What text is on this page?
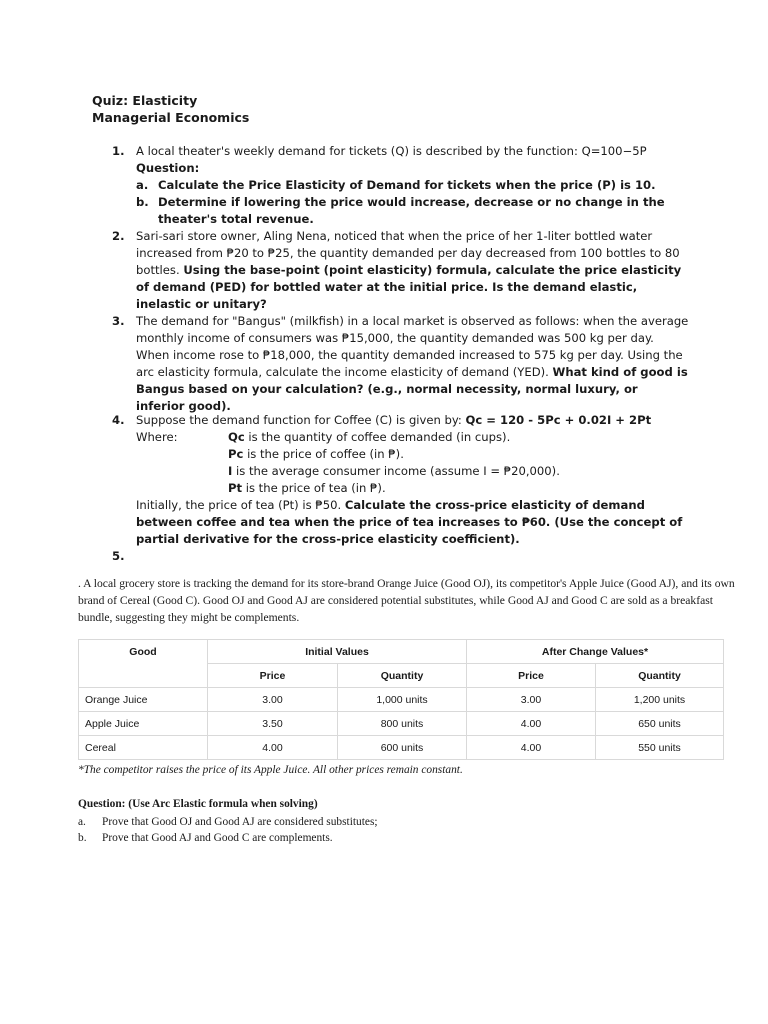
Quiz: Elasticity
Managerial Economics
1. A local theater's weekly demand for tickets (Q) is described by the function: Q=100−5P
Question:
a. Calculate the Price Elasticity of Demand for tickets when the price (P) is 10.
b. Determine if lowering the price would increase, decrease or no change in the theater's total revenue.
2. Sari-sari store owner, Aling Nena, noticed that when the price of her 1-liter bottled water increased from ₱20 to ₱25, the quantity demanded per day decreased from 100 bottles to 80 bottles. Using the base-point (point elasticity) formula, calculate the price elasticity of demand (PED) for bottled water at the initial price. Is the demand elastic, inelastic or unitary?
3. The demand for "Bangus" (milkfish) in a local market is observed as follows: when the average monthly income of consumers was ₱15,000, the quantity demanded was 500 kg per day. When income rose to ₱18,000, the quantity demanded increased to 575 kg per day. Using the arc elasticity formula, calculate the income elasticity of demand (YED). What kind of good is Bangus based on your calculation? (e.g., normal necessity, normal luxury, or inferior good).
4. Suppose the demand function for Coffee (C) is given by: Qc = 120 - 5Pc + 0.02I + 2Pt
Where:	Qc is the quantity of coffee demanded (in cups).
Pc is the price of coffee (in ₱).
I is the average consumer income (assume I = ₱20,000).
Pt is the price of tea (in ₱).
Initially, the price of tea (Pt) is ₱50. Calculate the cross-price elasticity of demand between coffee and tea when the price of tea increases to ₱60. (Use the concept of partial derivative for the cross-price elasticity coefficient).
5.
. A local grocery store is tracking the demand for its store-brand Orange Juice (Good OJ), its competitor's Apple Juice (Good AJ), and its own brand of Cereal (Good C). Good OJ and Good AJ are considered potential substitutes, while Good AJ and Good C are sold as a breakfast bundle, suggesting they might be complements.
Good	Initial Values		After Change Values*	
	Price	Quantity	Price	Quantity
Orange Juice	3.00	1,000 units	3.00	1,200 units
Apple Juice	3.50	800 units	4.00	650 units
Cereal	4.00	600 units	4.00	550 units
*The competitor raises the price of its Apple Juice. All other prices remain constant.
Question: (Use Arc Elastic formula when solving)
a.	Prove that Good OJ and Good AJ are considered substitutes;
b.	Prove that Good AJ and Good C are complements.
